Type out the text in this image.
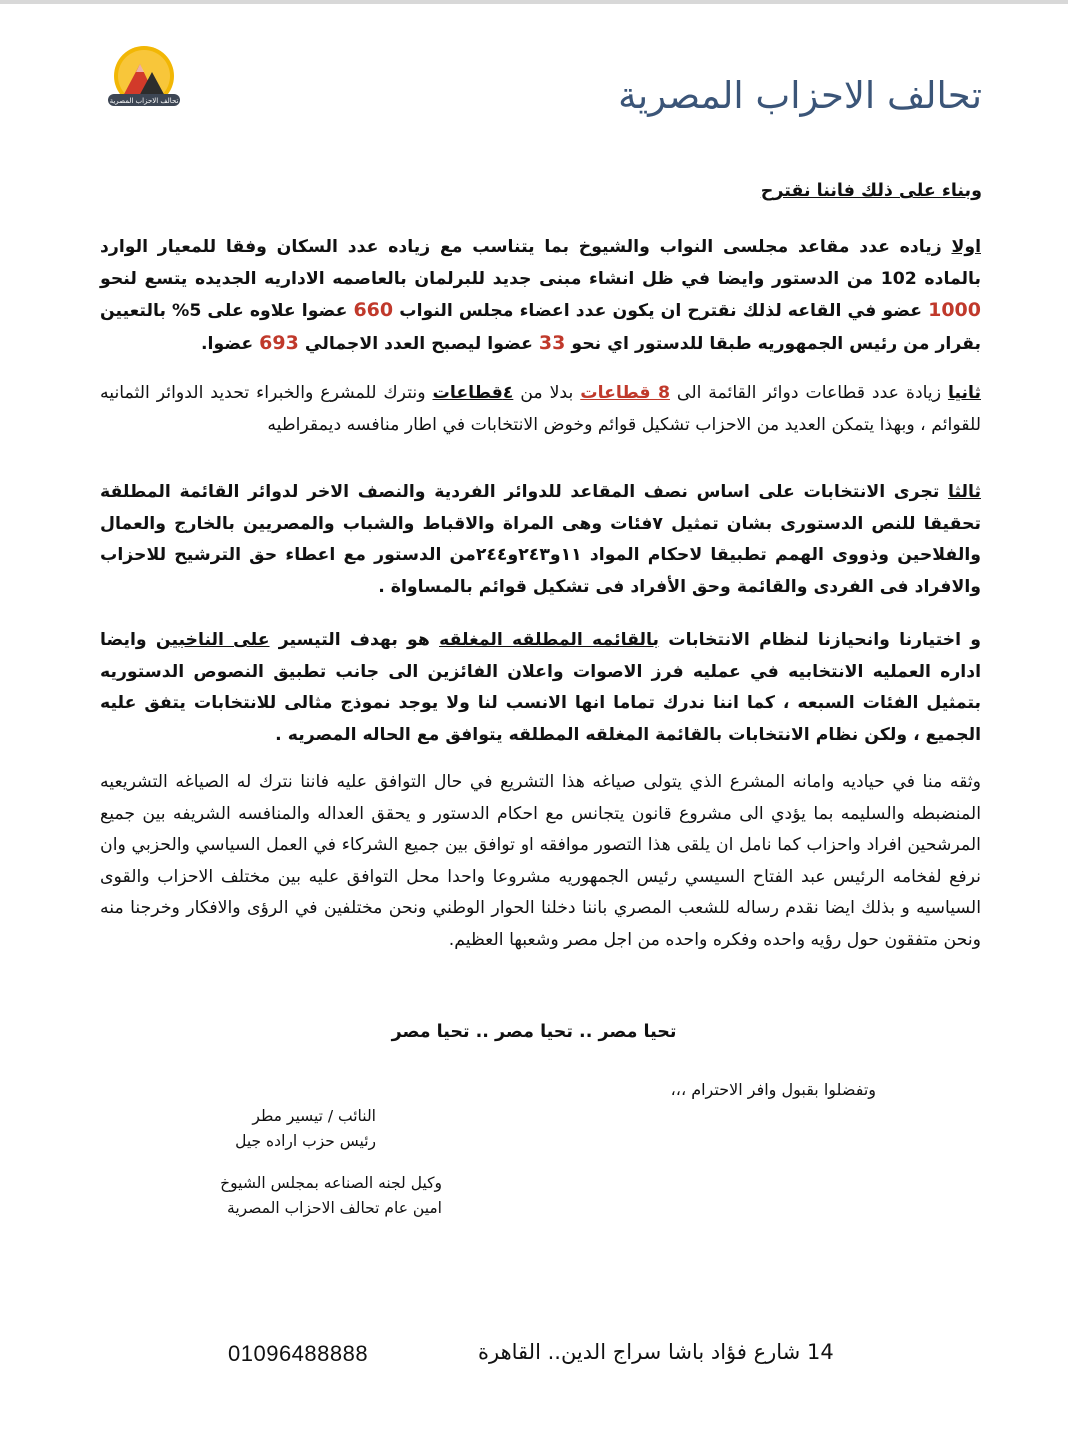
تحالف الاحزاب المصرية	تحالف الاحزاب المصرية
وبناء على ذلك فاننا نقترح

اولا زياده عدد مقاعد مجلسى النواب والشيوخ بما يتناسب مع زياده عدد السكان وفقا للمعيار الوارد بالماده 102 من الدستور وايضا في ظل انشاء مبنى جديد للبرلمان بالعاصمه الاداريه الجديده يتسع لنحو 1000 عضو في القاعه لذلك نقترح ان يكون عدد اعضاء مجلس النواب 660 عضوا علاوه على 5% بالتعيين بقرار من رئيس الجمهوريه طبقا للدستور اي نحو 33 عضوا ليصبح العدد الاجمالي 693 عضوا.

ثانيا زيادة عدد قطاعات دوائر القائمة الى 8 قطاعات بدلا من ٤قطاعات ونترك للمشرع والخبراء تحديد الدوائر الثمانيه للقوائم ، وبهذا يتمكن العديد من الاحزاب تشكيل قوائم وخوض الانتخابات في اطار منافسه ديمقراطيه

ثالثا تجرى الانتخابات على اساس نصف المقاعد للدوائر الفردية والنصف الاخر لدوائر القائمة المطلقة تحقيقا للنص الدستورى بشان تمثيل ٧فئات وهى المراة والاقباط والشباب والمصريين بالخارج والعمال والفلاحين وذووى الهمم تطبيقا لاحكام المواد ١١و٢٤٣و٢٤٤من الدستور مع اعطاء حق الترشيح للاحزاب والافراد فى الفردى والقائمة وحق الأفراد فى تشكيل قوائم بالمساواة .

و اختيارنا وانحيازنا لنظام الانتخابات بالقائمه المطلقه المغلقه هو بهدف التيسير على الناخبين وايضا اداره العمليه الانتخابيه في عمليه فرز الاصوات واعلان الفائزين الى جانب تطبيق النصوص الدستوريه بتمثيل الفئات السبعه ، كما اننا ندرك تماما انها الانسب لنا ولا يوجد نموذج مثالى للانتخابات يتفق عليه الجميع ، ولكن نظام الانتخابات بالقائمة المغلقه المطلقه يتوافق مع الحاله المصريه .

وثقه منا في حياديه وامانه المشرع الذي يتولى صياغه هذا التشريع في حال التوافق عليه فاننا نترك له الصياغه التشريعيه المنضبطه والسليمه بما يؤدي الى مشروع قانون يتجانس مع احكام الدستور و يحقق العداله والمنافسه الشريفه بين جميع المرشحين افراد واحزاب كما نامل ان يلقى هذا التصور موافقه او توافق بين جميع الشركاء في العمل السياسي والحزبي وان نرفع لفخامه الرئيس عبد الفتاح السيسي رئيس الجمهوريه مشروعا واحدا محل التوافق عليه بين مختلف الاحزاب والقوى السياسيه و بذلك ايضا نقدم رساله للشعب المصري باننا دخلنا الحوار الوطني ونحن مختلفين في الرؤى والافكار وخرجنا منه ونحن متفقون حول رؤيه واحده وفكره واحده من اجل مصر وشعبها العظيم.

تحيا مصر .. تحيا مصر .. تحيا مصر
وتفضلوا بقبول وافر الاحترام ،،،
النائب / تيسير مطر
رئيس حزب اراده جيل
وكيل لجنه الصناعه بمجلس الشيوخ
امين عام تحالف الاحزاب المصرية
01096488888	14 شارع فؤاد باشا سراج الدين.. القاهرة
